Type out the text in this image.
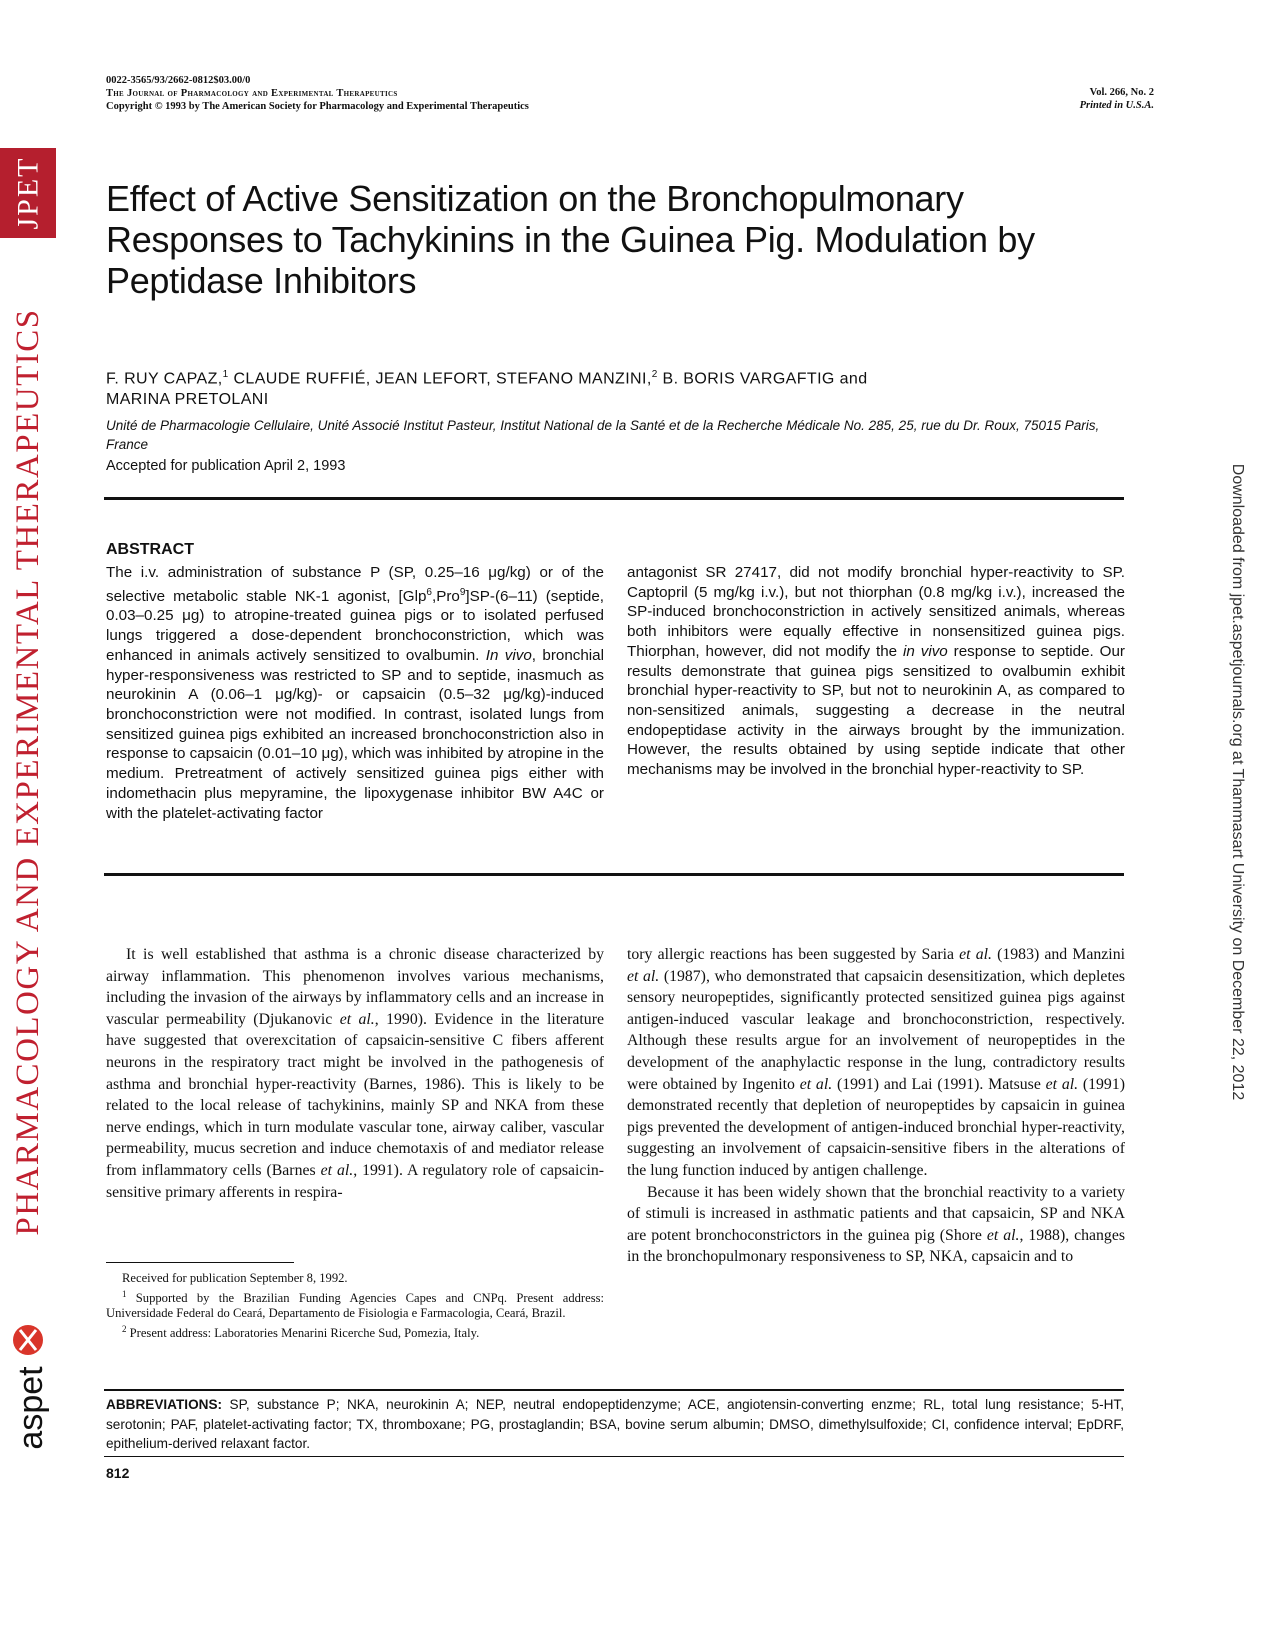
JPET
PHARMACOLOGY AND EXPERIMENTAL THERAPEUTICS
aspet
Downloaded from jpet.aspetjournals.org at Thammasart University on December 22, 2012
0022-3565/93/2662-0812$03.00/0
The Journal of Pharmacology and Experimental Therapeutics
Copyright © 1993 by The American Society for Pharmacology and Experimental Therapeutics
Vol. 266, No. 2
Printed in U.S.A.
Effect of Active Sensitization on the Bronchopulmonary
Responses to Tachykinins in the Guinea Pig. Modulation by
Peptidase Inhibitors
F. RUY CAPAZ,$^1$ CLAUDE RUFFIÉ, JEAN LEFORT, STEFANO MANZINI,$^2$ B. BORIS VARGAFTIG and
MARINA PRETOLANI
Unité de Pharmacologie Cellulaire, Unité Associé Institut Pasteur, Institut National de la Santé et de la Recherche Médicale No. 285, 25, rue du Dr. Roux, 75015 Paris, France
Accepted for publication April 2, 1993
ABSTRACT
The i.v. administration of substance P (SP, 0.25–16 μg/kg) or of the selective metabolic stable NK-1 agonist, [Glp$^6$,Pro$^9$]SP-(6–11) (septide, 0.03–0.25 μg) to atropine-treated guinea pigs or to isolated perfused lungs triggered a dose-dependent bronchoconstriction, which was enhanced in animals actively sensitized to ovalbumin. In vivo, bronchial hyper-responsiveness was restricted to SP and to septide, inasmuch as neurokinin A (0.06–1 μg/kg)- or capsaicin (0.5–32 μg/kg)-induced bronchoconstriction were not modified. In contrast, isolated lungs from sensitized guinea pigs exhibited an increased bronchoconstriction also in response to capsaicin (0.01–10 μg), which was inhibited by atropine in the medium. Pretreatment of actively sensitized guinea pigs either with indomethacin plus mepyramine, the lipoxygenase inhibitor BW A4C or with the platelet-activating factor
antagonist SR 27417, did not modify bronchial hyper-reactivity to SP. Captopril (5 mg/kg i.v.), but not thiorphan (0.8 mg/kg i.v.), increased the SP-induced bronchoconstriction in actively sensitized animals, whereas both inhibitors were equally effective in nonsensitized guinea pigs. Thiorphan, however, did not modify the in vivo response to septide. Our results demonstrate that guinea pigs sensitized to ovalbumin exhibit bronchial hyper-reactivity to SP, but not to neurokinin A, as compared to non-sensitized animals, suggesting a decrease in the neutral endopeptidase activity in the airways brought by the immunization. However, the results obtained by using septide indicate that other mechanisms may be involved in the bronchial hyper-reactivity to SP.

It is well established that asthma is a chronic disease characterized by airway inflammation. This phenomenon involves various mechanisms, including the invasion of the airways by inflammatory cells and an increase in vascular permeability (Djukanovic et al., 1990). Evidence in the literature have suggested that overexcitation of capsaicin-sensitive C fibers afferent neurons in the respiratory tract might be involved in the pathogenesis of asthma and bronchial hyper-reactivity (Barnes, 1986). This is likely to be related to the local release of tachykinins, mainly SP and NKA from these nerve endings, which in turn modulate vascular tone, airway caliber, vascular permeability, mucus secretion and induce chemotaxis of and mediator release from inflammatory cells (Barnes et al., 1991). A regulatory role of capsaicin-sensitive primary afferents in respira-

tory allergic reactions has been suggested by Saria et al. (1983) and Manzini et al. (1987), who demonstrated that capsaicin desensitization, which depletes sensory neuropeptides, significantly protected sensitized guinea pigs against antigen-induced vascular leakage and bronchoconstriction, respectively. Although these results argue for an involvement of neuropeptides in the development of the anaphylactic response in the lung, contradictory results were obtained by Ingenito et al. (1991) and Lai (1991). Matsuse et al. (1991) demonstrated recently that depletion of neuropeptides by capsaicin in guinea pigs prevented the development of antigen-induced bronchial hyper-reactivity, suggesting an involvement of capsaicin-sensitive fibers in the alterations of the lung function induced by antigen challenge.

Because it has been widely shown that the bronchial reactivity to a variety of stimuli is increased in asthmatic patients and that capsaicin, SP and NKA are potent bronchoconstrictors in the guinea pig (Shore et al., 1988), changes in the bronchopulmonary responsiveness to SP, NKA, capsaicin and to

Received for publication September 8, 1992.

$^1$ Supported by the Brazilian Funding Agencies Capes and CNPq. Present address: Universidade Federal do Ceará, Departamento de Fisiologia e Farmacologia, Ceará, Brazil.

$^2$ Present address: Laboratories Menarini Ricerche Sud, Pomezia, Italy.

ABBREVIATIONS: SP, substance P; NKA, neurokinin A; NEP, neutral endopeptidenzyme; ACE, angiotensin-converting enzme; RL, total lung resistance; 5-HT, serotonin; PAF, platelet-activating factor; TX, thromboxane; PG, prostaglandin; BSA, bovine serum albumin; DMSO, dimethylsulfoxide; CI, confidence interval; EpDRF, epithelium-derived relaxant factor.
812
